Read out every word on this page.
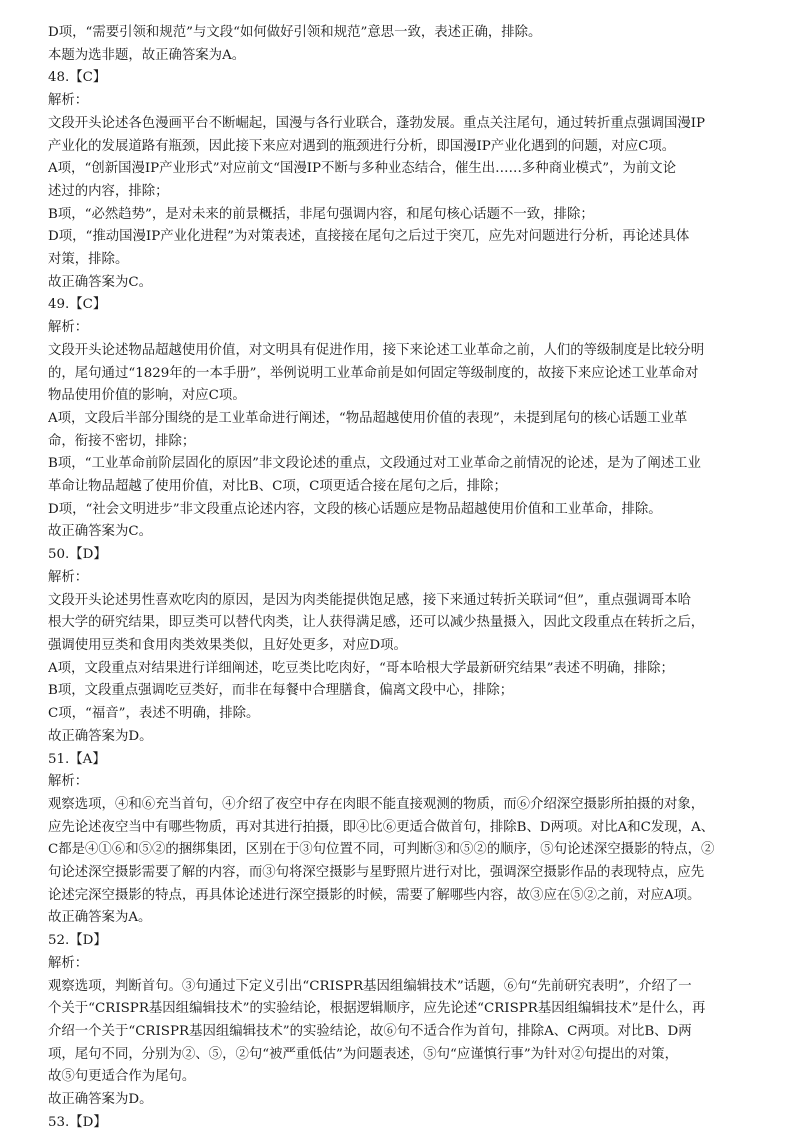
D项，“需要引领和规范”与文段“如何做好引领和规范”意思一致，表述正确，排除。
本题为选非题，故正确答案为A。
48.【C】
解析：
文段开头论述各色漫画平台不断崛起，国漫与各行业联合，蓬勃发展。重点关注尾句，通过转折重点强调国漫IP
产业化的发展道路有瓶颈，因此接下来应对遇到的瓶颈进行分析，即国漫IP产业化遇到的问题，对应C项。
A项，“创新国漫IP产业形式”对应前文“国漫IP不断与多种业态结合，催生出……多种商业模式”，为前文论
述过的内容，排除；
B项，“必然趋势”，是对未来的前景概括，非尾句强调内容，和尾句核心话题不一致，排除；
D项，“推动国漫IP产业化进程”为对策表述，直接接在尾句之后过于突兀，应先对问题进行分析，再论述具体
对策，排除。
故正确答案为C。
49.【C】
解析：
文段开头论述物品超越使用价值，对文明具有促进作用，接下来论述工业革命之前，人们的等级制度是比较分明
的，尾句通过“1829年的一本手册”，举例说明工业革命前是如何固定等级制度的，故接下来应论述工业革命对
物品使用价值的影响，对应C项。
A项，文段后半部分围绕的是工业革命进行阐述，“物品超越使用价值的表现”，未提到尾句的核心话题工业革
命，衔接不密切，排除；
B项，“工业革命前阶层固化的原因”非文段论述的重点，文段通过对工业革命之前情况的论述，是为了阐述工业
革命让物品超越了使用价值，对比B、C项，C项更适合接在尾句之后，排除；
D项，“社会文明进步”非文段重点论述内容，文段的核心话题应是物品超越使用价值和工业革命，排除。
故正确答案为C。
50.【D】
解析：
文段开头论述男性喜欢吃肉的原因，是因为肉类能提供饱足感，接下来通过转折关联词“但”，重点强调哥本哈
根大学的研究结果，即豆类可以替代肉类，让人获得满足感，还可以减少热量摄入，因此文段重点在转折之后，
强调使用豆类和食用肉类效果类似，且好处更多，对应D项。
A项，文段重点对结果进行详细阐述，吃豆类比吃肉好，“哥本哈根大学最新研究结果”表述不明确，排除；
B项，文段重点强调吃豆类好，而非在每餐中合理膳食，偏离文段中心，排除；
C项，“福音”，表述不明确，排除。
故正确答案为D。
51.【A】
解析：
观察选项，④和⑥充当首句，④介绍了夜空中存在肉眼不能直接观测的物质，而⑥介绍深空摄影所拍摄的对象，
应先论述夜空当中有哪些物质，再对其进行拍摄，即④比⑥更适合做首句，排除B、D两项。对比A和C发现，A、
C都是④①⑥和⑤②的捆绑集团，区别在于③句位置不同，可判断③和⑤②的顺序，⑤句论述深空摄影的特点，②
句论述深空摄影需要了解的内容，而③句将深空摄影与星野照片进行对比，强调深空摄影作品的表现特点，应先
论述完深空摄影的特点，再具体论述进行深空摄影的时候，需要了解哪些内容，故③应在⑤②之前，对应A项。
故正确答案为A。
52.【D】
解析：
观察选项，判断首句。③句通过下定义引出“CRISPR基因组编辑技术”话题，⑥句“先前研究表明”，介绍了一
个关于“CRISPR基因组编辑技术”的实验结论，根据逻辑顺序，应先论述“CRISPR基因组编辑技术”是什么，再
介绍一个关于“CRISPR基因组编辑技术”的实验结论，故⑥句不适合作为首句，排除A、C两项。对比B、D两
项，尾句不同，分别为②、⑤，②句“被严重低估”为问题表述，⑤句“应谨慎行事”为针对②句提出的对策，
故⑤句更适合作为尾句。
故正确答案为D。
53.【D】
